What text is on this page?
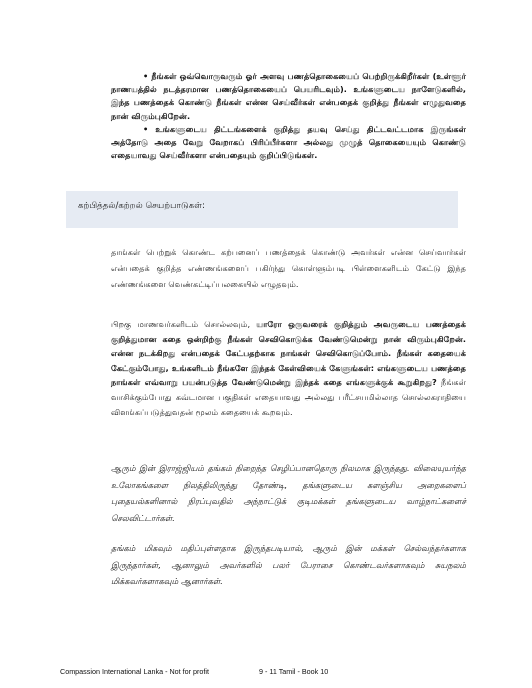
• நீங்கள் ஒவ்வொருவரும் ஓர் அளவு பணத்தொகையைப் பெற்றிருக்கிறீர்கள் (உள்ளூர் நாணயத்தில் நடத்தரமான பணத்தொகையைப் பெயரிடவும்). உங்களுடைய நாளேடுகளில், இந்த பணத்தைக் கொண்டு நீங்கள் என்ன செய்வீர்கள் என்பதைக் குறித்து நீங்கள் எழுதுவதை நான் விரும்புகிறேன்.

• உங்களுடைய திட்டங்களைக் குறித்து தயவு செய்து திட்டவட்டமாக இருங்கள் அத்தோடு அதை வேறு வேறாகப் பிரிப்பீர்களா அல்லது முழுத் தொகையையும் கொண்டு எதையாவது செய்வீர்களா என்பதையும் குறிப்பிடுங்கள்.

கற்பித்தல்/கற்றல் செயற்பாடுகள்:

தாங்கள் பெற்றுக் கொண்ட கற்பனைப் பணத்தைக் கொண்டு அவர்கள் என்ன செய்வார்கள் என்பதைக் குறித்த எண்ணங்களைப் பகிர்ந்து கொள்ளும்படி பிள்ளைகளிடம் கேட்டு இந்த எண்ணங்களை வெண்கட்டிப்பலகையில் எழுதவும்.

பிறகு மாணவர்களிடம் சொல்லவும், யாரோ ஒருவரைக் குறித்தும் அவருடைய பணத்தைக் குறித்துமான கதை ஒன்றிற்கு நீங்கள் செவிகொடுக்க வேண்டுமென்று நான் விரும்புகிறேன். என்ன நடக்கிறது என்பதைக் கேட்பதற்காக நாங்கள் செவிகொடுப்போம். நீங்கள் கதையைக் கேட்கும்போது, உங்களிடம் நீங்களே இந்தக் கேள்வியைக் கேளுங்கள்: எங்களுடைய பணத்தை நாங்கள் எவ்வாறு பயன்படுத்த வேண்டுமென்று இந்தக் கதை எங்களுக்குக் கூறுகிறது? நீங்கள் வாசிக்கும்போது கவ்டமான பகுதிகள் எதையாவது அல்லது பரீட்சயமில்லாத சொல்லகராதியை விளங்கப்படுத்துவதன் மூலம் கதையைக் கூறவும்.

ஆரும் இன் இராஜ்ஜியம் தங்கம் நிறைந்த செழிப்பானதொரு நிலமாக இருந்தது. விலையுயர்ந்த உலோகங்களை நிலத்திலிருந்து தோண்டி, தங்களுடைய களஞ்சிய அறைகளைப் புதையல்களினால் நிரப்புவதில் அந்நாட்டுக் குடிமக்கள் தங்களுடைய வாழ்நாட்களைச் செலவிட்டார்கள்.

தங்கம் மிகவும் மதிப்புள்ளதாக இருந்தபடியால், ஆரும் இன் மக்கள் செல்வந்தர்களாக இருந்தார்கள், ஆனாலும் அவர்களில் பலர் பேராசை கொண்டவர்களாகவும் சுயநலம் மிக்கவர்களாகவும் ஆனார்கள்.

Compassion International Lanka - Not for profit	9 - 11 Tamil - Book 10
